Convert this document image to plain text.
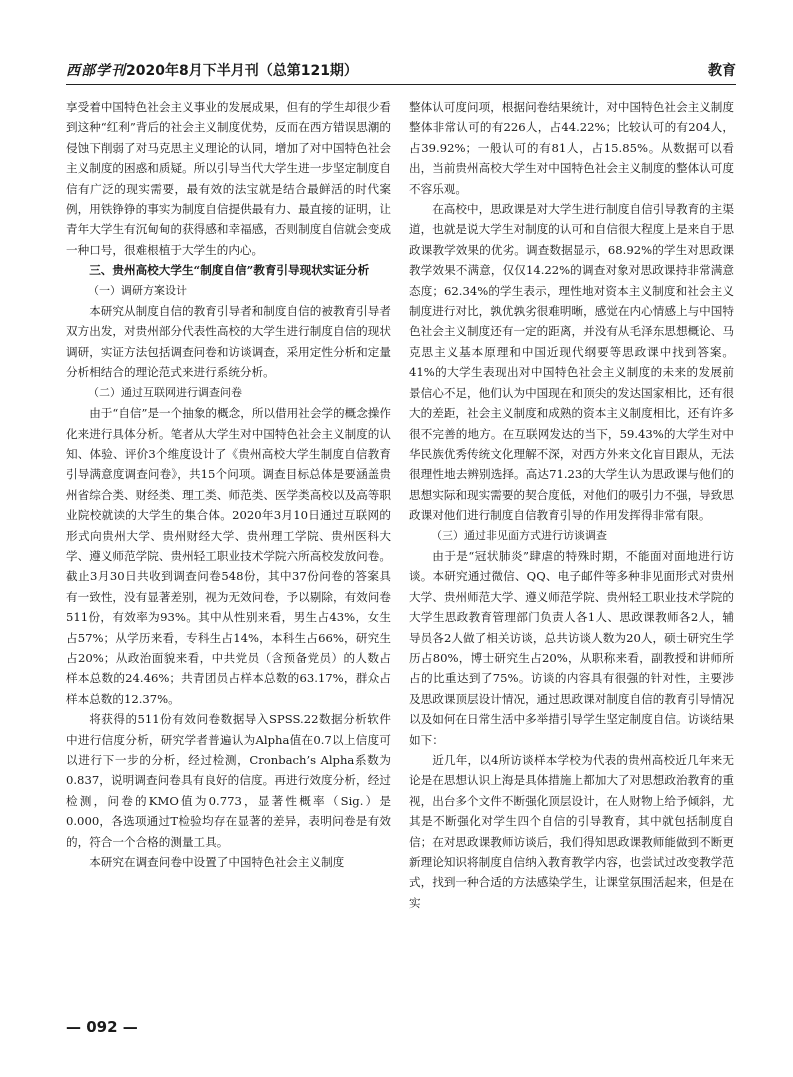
西部学刊2020年8月下半月刊（总第121期）	教育

享受着中国特色社会主义事业的发展成果，但有的学生却很少看到这种“红利”背后的社会主义制度优势，反而在西方错误思潮的侵蚀下削弱了对马克思主义理论的认同，增加了对中国特色社会主义制度的困惑和质疑。所以引导当代大学生进一步坚定制度自信有广泛的现实需要，最有效的法宝就是结合最鲜活的时代案例，用铁铮铮的事实为制度自信提供最有力、最直接的证明，让青年大学生有沉甸甸的获得感和幸福感，否则制度自信就会变成一种口号，很难根植于大学生的内心。

三、贵州高校大学生“制度自信”教育引导现状实证分析
（一）调研方案设计

本研究从制度自信的教育引导者和制度自信的被教育引导者双方出发，对贵州部分代表性高校的大学生进行制度自信的现状调研，实证方法包括调查问卷和访谈调查，采用定性分析和定量分析相结合的理论范式来进行系统分析。

（二）通过互联网进行调查问卷

由于“自信”是一个抽象的概念，所以借用社会学的概念操作化来进行具体分析。笔者从大学生对中国特色社会主义制度的认知、体验、评价3个维度设计了《贵州高校大学生制度自信教育引导满意度调查问卷》，共15个问项。调查目标总体是要涵盖贵州省综合类、财经类、理工类、师范类、医学类高校以及高等职业院校就读的大学生的集合体。2020年3月10日通过互联网的形式向贵州大学、贵州财经大学、贵州理工学院、贵州医科大学、遵义师范学院、贵州轻工职业技术学院六所高校发放问卷。截止3月30日共收到调查问卷548份，其中37份问卷的答案具有一致性，没有显著差别，视为无效问卷，予以剔除，有效问卷511份，有效率为93%。其中从性别来看，男生占43%，女生占57%；从学历来看，专科生占14%，本科生占66%，研究生占20%；从政治面貌来看，中共党员（含预备党员）的人数占样本总数的24.46%；共青团员占样本总数的63.17%，群众占样本总数的12.37%。

将获得的511份有效问卷数据导入SPSS.22数据分析软件中进行信度分析，研究学者普遍认为Alpha值在0.7以上信度可以进行下一步的分析，经过检测，Cronbach’s Alpha系数为0.837，说明调查问卷具有良好的信度。再进行效度分析，经过检测，问卷的KMO值为0.773，显著性概率（Sig.）是0.000，各选项通过T检验均存在显著的差异，表明问卷是有效的，符合一个合格的测量工具。

本研究在调查问卷中设置了中国特色社会主义制度

整体认可度问项，根据问卷结果统计，对中国特色社会主义制度整体非常认可的有226人，占44.22%；比较认可的有204人，占39.92%；一般认可的有81人，占15.85%。从数据可以看出，当前贵州高校大学生对中国特色社会主义制度的整体认可度不容乐观。

在高校中，思政课是对大学生进行制度自信引导教育的主渠道，也就是说大学生对制度的认可和自信很大程度上是来自于思政课教学效果的优劣。调查数据显示，68.92%的学生对思政课教学效果不满意，仅仅14.22%的调查对象对思政课持非常满意态度；62.34%的学生表示，理性地对资本主义制度和社会主义制度进行对比，孰优孰劣很难明晰，感觉在内心情感上与中国特色社会主义制度还有一定的距离，并没有从毛泽东思想概论、马克思主义基本原理和中国近现代纲要等思政课中找到答案。41%的大学生表现出对中国特色社会主义制度的未来的发展前景信心不足，他们认为中国现在和顶尖的发达国家相比，还有很大的差距，社会主义制度和成熟的资本主义制度相比，还有许多很不完善的地方。在互联网发达的当下，59.43%的大学生对中华民族优秀传统文化理解不深，对西方外来文化盲目跟从，无法很理性地去辨别选择。高达71.23的大学生认为思政课与他们的思想实际和现实需要的契合度低，对他们的吸引力不强，导致思政课对他们进行制度自信教育引导的作用发挥得非常有限。

（三）通过非见面方式进行访谈调查

由于是“冠状肺炎”肆虐的特殊时期，不能面对面地进行访谈。本研究通过微信、QQ、电子邮件等多种非见面形式对贵州大学、贵州师范大学、遵义师范学院、贵州轻工职业技术学院的大学生思政教育管理部门负责人各1人、思政课教师各2人，辅导员各2人做了相关访谈，总共访谈人数为20人，硕士研究生学历占80%，博士研究生占20%，从职称来看，副教授和讲师所占的比重达到了75%。访谈的内容具有很强的针对性，主要涉及思政课顶层设计情况，通过思政课对制度自信的教育引导情况以及如何在日常生活中多举措引导学生坚定制度自信。访谈结果如下：

近几年，以4所访谈样本学校为代表的贵州高校近几年来无论是在思想认识上海是具体措施上都加大了对思想政治教育的重视，出台多个文件不断强化顶层设计，在人财物上给予倾斜，尤其是不断强化对学生四个自信的引导教育，其中就包括制度自信；在对思政课教师访谈后，我们得知思政课教师能做到不断更新理论知识将制度自信纳入教育教学内容，也尝试过改变教学范式，找到一种合适的方法感染学生，让课堂氛围活起来，但是在实

— 092 —
